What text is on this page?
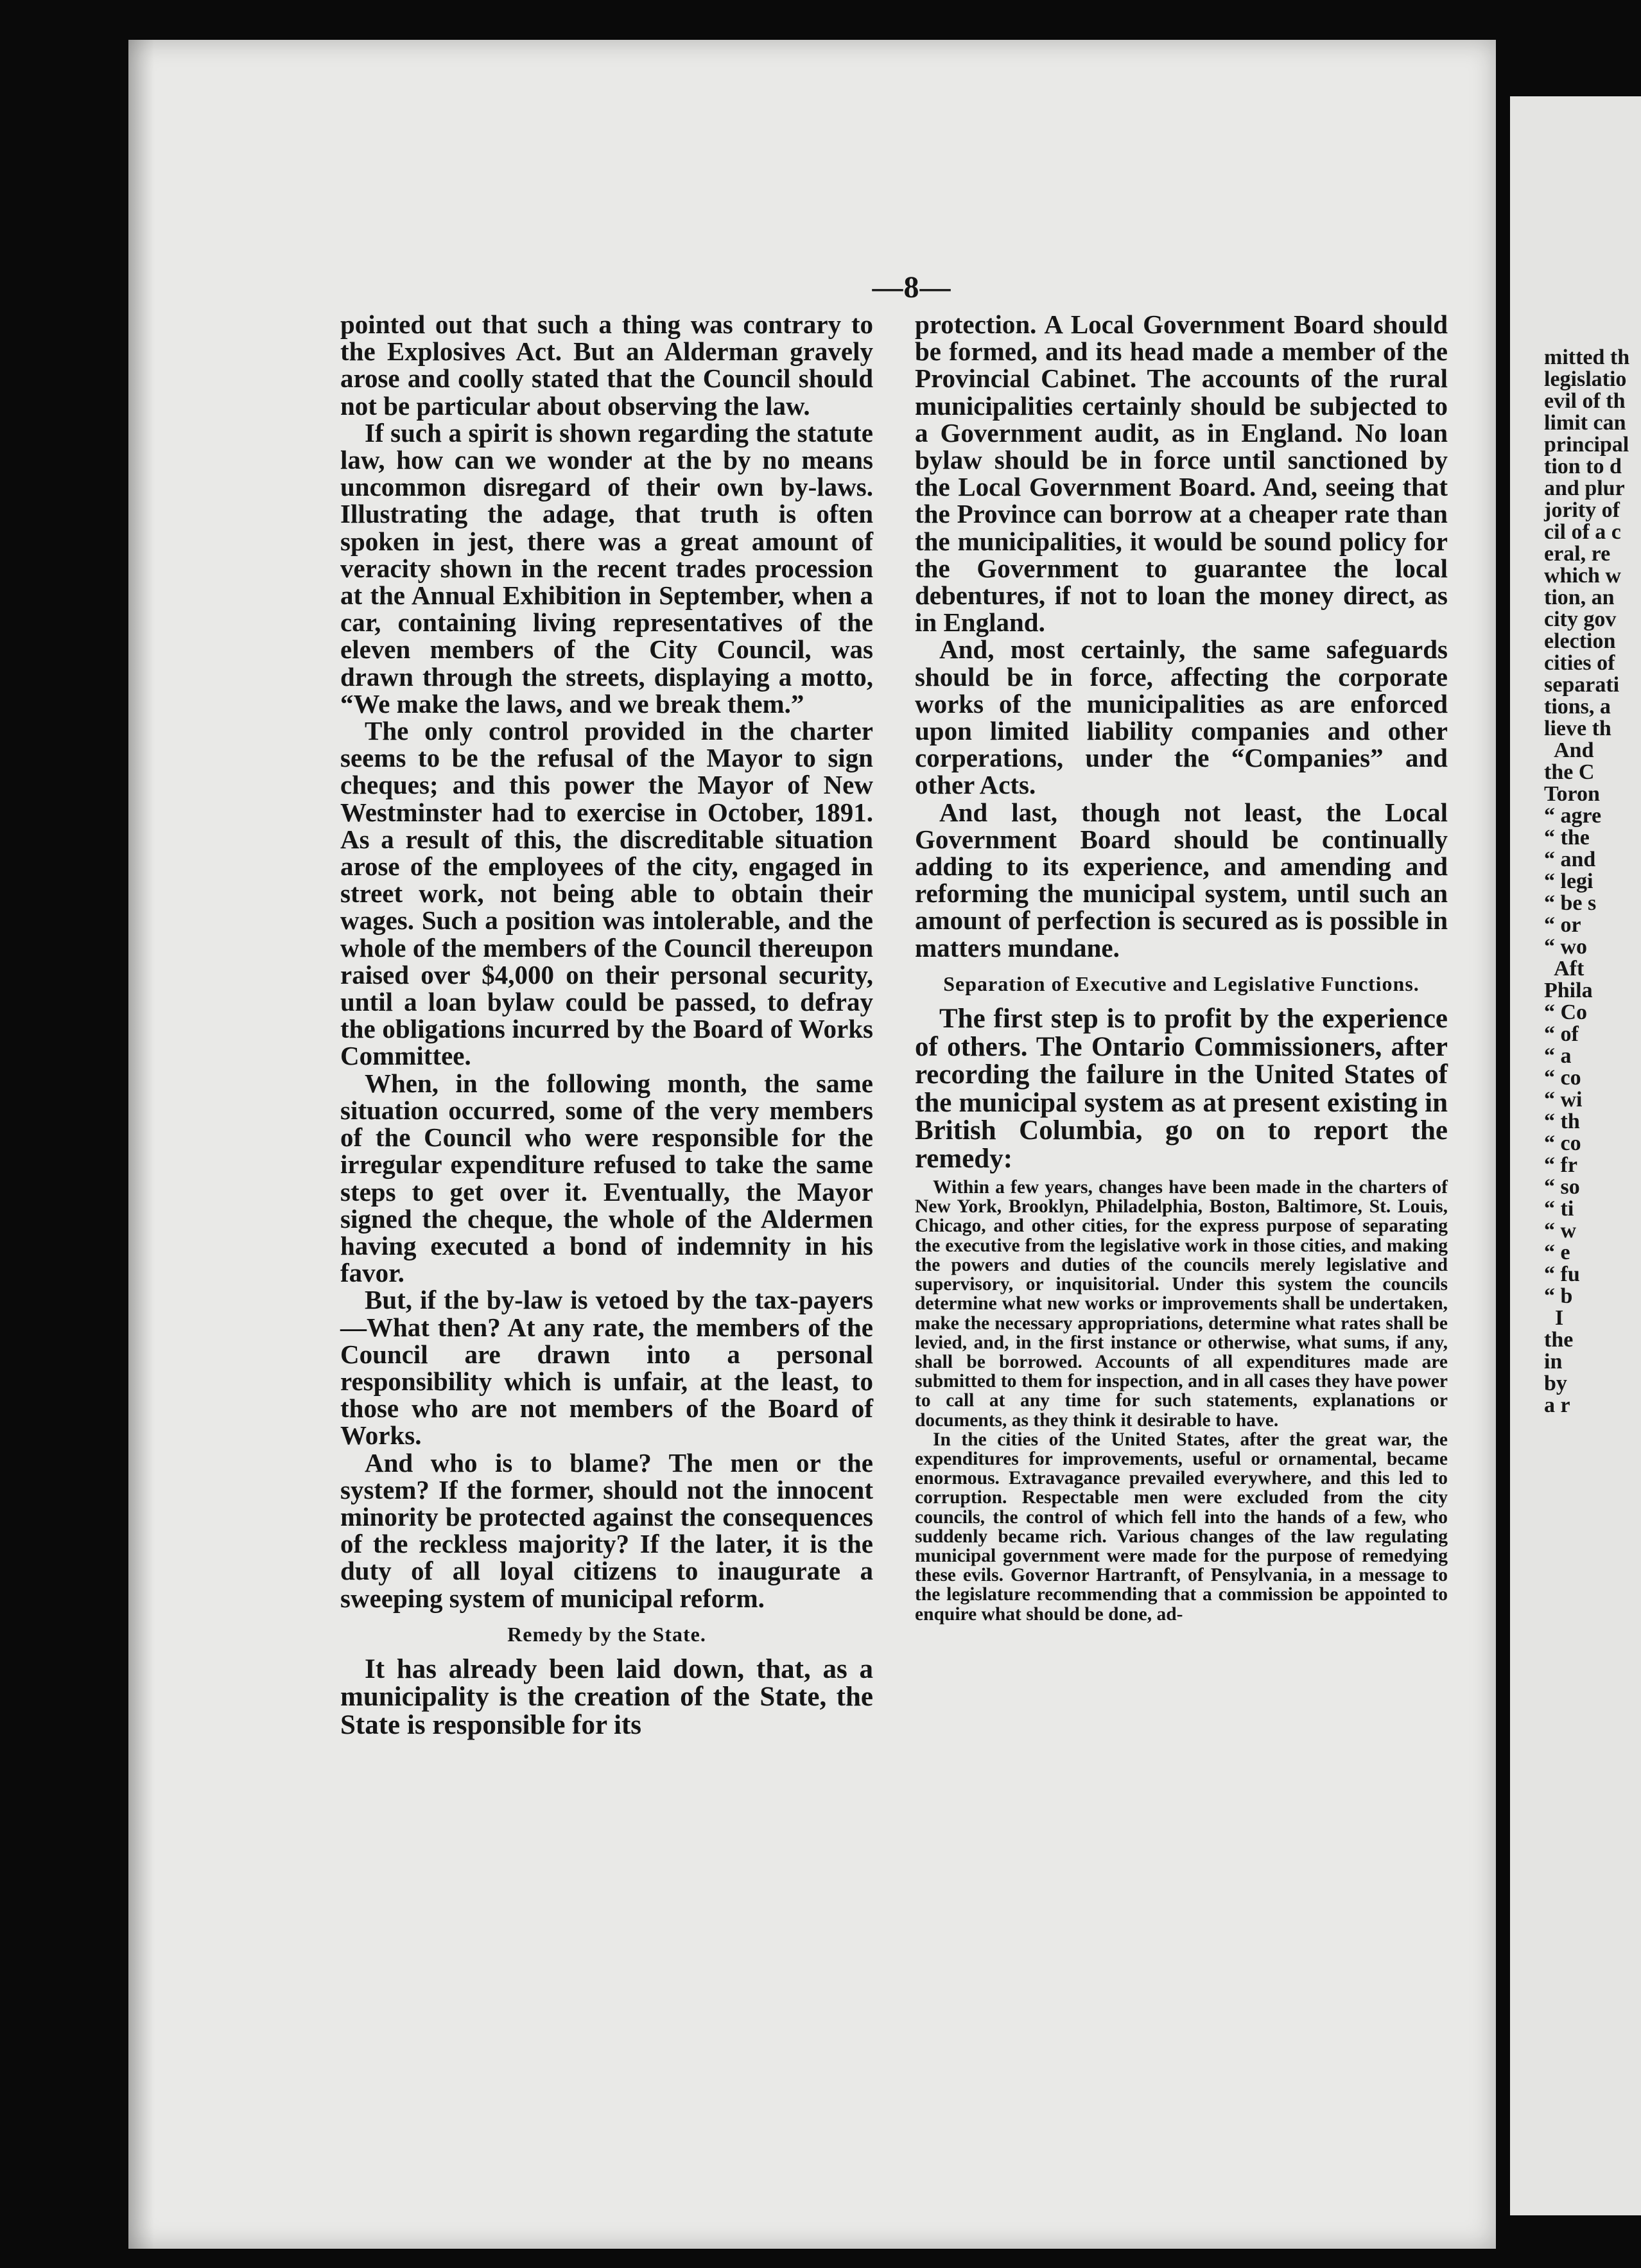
—8—

pointed out that such a thing was contrary to the Explosives Act. But an Alderman gravely arose and coolly stated that the Council should not be particular about observing the law.

If such a spirit is shown regarding the statute law, how can we wonder at the by no means uncommon disregard of their own by-laws. Illustrating the adage, that truth is often spoken in jest, there was a great amount of veracity shown in the recent trades procession at the Annual Exhibition in September, when a car, containing living representatives of the eleven members of the City Council, was drawn through the streets, displaying a motto, “We make the laws, and we break them.”

The only control provided in the charter seems to be the refusal of the Mayor to sign cheques; and this power the Mayor of New Westminster had to exercise in October, 1891. As a result of this, the discreditable situation arose of the employees of the city, engaged in street work, not being able to obtain their wages. Such a position was intolerable, and the whole of the members of the Council thereupon raised over $4,000 on their personal security, until a loan bylaw could be passed, to defray the obligations incurred by the Board of Works Committee.

When, in the following month, the same situation occurred, some of the very members of the Council who were responsible for the irregular expenditure refused to take the same steps to get over it. Eventually, the Mayor signed the cheque, the whole of the Aldermen having executed a bond of indemnity in his favor.

But, if the by-law is vetoed by the tax-payers—What then? At any rate, the members of the Council are drawn into a personal responsibility which is unfair, at the least, to those who are not members of the Board of Works.

And who is to blame? The men or the system? If the former, should not the innocent minority be protected against the consequences of the reckless majority? If the later, it is the duty of all loyal citizens to inaugurate a sweeping system of municipal reform.

Remedy by the State.

It has already been laid down, that, as a municipality is the creation of the State, the State is responsible for its

protection. A Local Government Board should be formed, and its head made a member of the Provincial Cabinet. The accounts of the rural municipalities certainly should be subjected to a Government audit, as in England. No loan bylaw should be in force until sanctioned by the Local Government Board. And, seeing that the Province can borrow at a cheaper rate than the municipalities, it would be sound policy for the Government to guarantee the local debentures, if not to loan the money direct, as in England.

And, most certainly, the same safeguards should be in force, affecting the corporate works of the municipalities as are enforced upon limited liability companies and other corperations, under the “Companies” and other Acts.

And last, though not least, the Local Government Board should be continually adding to its experience, and amending and reforming the municipal system, until such an amount of perfection is secured as is possible in matters mundane.

Separation of Executive and Legislative Functions.

The first step is to profit by the experience of others. The Ontario Commissioners, after recording the failure in the United States of the municipal system as at present existing in British Columbia, go on to report the remedy:

Within a few years, changes have been made in the charters of New York, Brooklyn, Philadelphia, Boston, Baltimore, St. Louis, Chicago, and other cities, for the express purpose of separating the executive from the legislative work in those cities, and making the powers and duties of the councils merely legislative and supervisory, or inquisitorial. Under this system the councils determine what new works or improvements shall be undertaken, make the necessary appropriations, determine what rates shall be levied, and, in the first instance or otherwise, what sums, if any, shall be borrowed. Accounts of all expenditures made are submitted to them for inspection, and in all cases they have power to call at any time for such statements, explanations or documents, as they think it desirable to have.

In the cities of the United States, after the great war, the expenditures for improvements, useful or ornamental, became enormous. Extravagance prevailed everywhere, and this led to corruption. Respectable men were excluded from the city councils, the control of which fell into the hands of a few, who suddenly became rich. Various changes of the law regulating municipal government were made for the purpose of remedying these evils. Governor Hartranft, of Pensylvania, in a message to the legislature recommending that a commission be appointed to enquire what should be done, ad-

mitted th
legislatio
evil of th
limit can
principal
tion to d
and plur
jority of
cil of a c
eral, re
which w
tion, an
city gov
election
cities of
separati
tions, a
lieve th
And
the C
Toron
“ agre
“ the
“ and
“ legi
“ be s
“ or
“ wo
Aft
Phila
“ Co
“ of
“ a
“ co
“ wi
“ th
“ co
“ fr
“ so
“ ti
“ w
“ e
“ fu
“ b
I
the
in
by
a r
